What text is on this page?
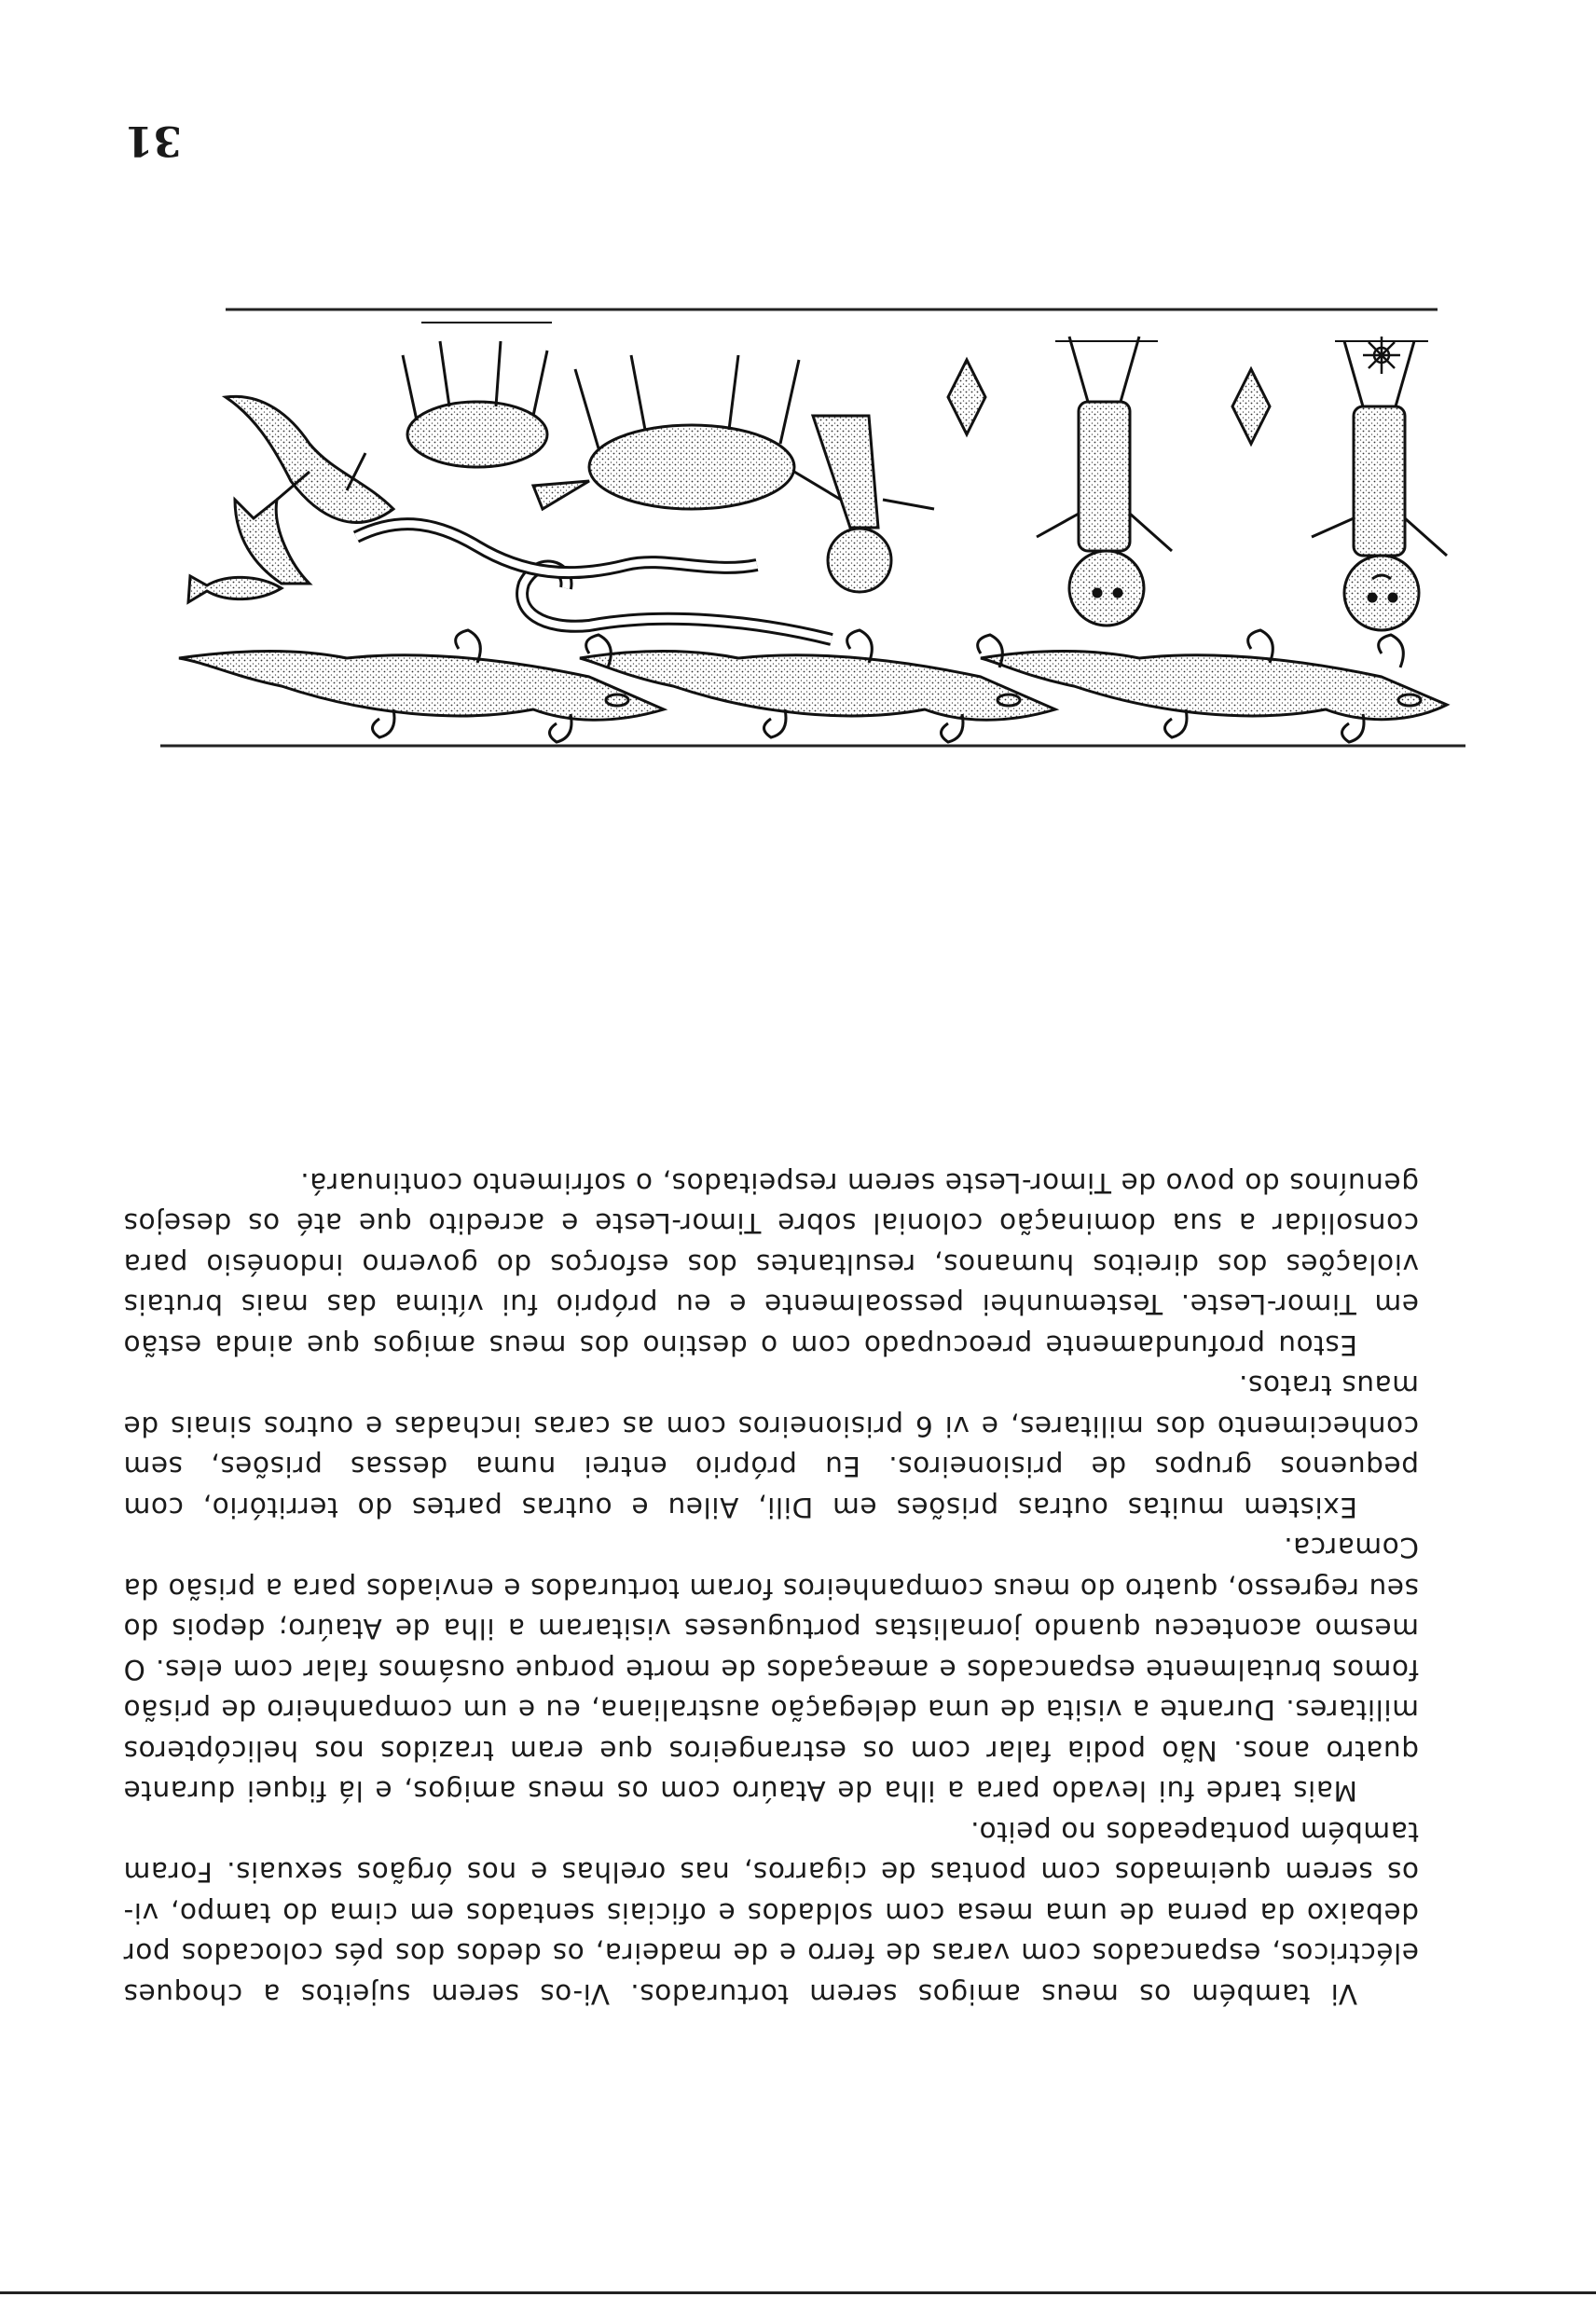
Vi também os meus amigos serem torturados. Vi-os serem sujeitos a choques eléctricos, espancados com varas de ferro e de madeira, os dedos dos pés colocados por debaixo da perna de uma mesa com soldados e oficiais sentados em cima do tampo, vi-os serem queimados com pontas de cigarros, nas orelhas e nos órgãos sexuais. Foram também pontapeados no peito.

Mais tarde fui levado para a ilha de Ataúro com os meus amigos, e lá fiquei durante quatro anos. Não podia falar com os estrangeiros que eram trazidos nos helicópteros militares. Durante a visita de uma delegação australiana, eu e um companheiro de prisão fomos brutalmente espancados e ameaçados de morte porque ousámos falar com eles. O mesmo aconteceu quando jornalistas portugueses visitaram a ilha de Ataúro; depois do seu regresso, quatro do meus companheiros foram torturados e enviados para a prisão da Comarca.

Existem muitas outras prisões em Dili, Aileu e outras partes do território, com pequenos grupos de prisioneiros. Eu próprio entrei numa dessas prisões, sem conhecimento dos militares, e vi 6 prisioneiros com as caras inchadas e outros sinais de maus tratos.

Estou profundamente preocupado com o destino dos meus amigos que ainda estão em Timor-Leste. Testemunhei pessoalmente e eu próprio fui vítima das mais brutais violações dos direitos humanos, resultantes dos esforços do governo indonésio para consolidar a sua dominação colonial sobre Timor-Leste e acredito que até os desejos genuínos do povo de Timor-Leste serem respeitados, o sofrimento continuará.

31
